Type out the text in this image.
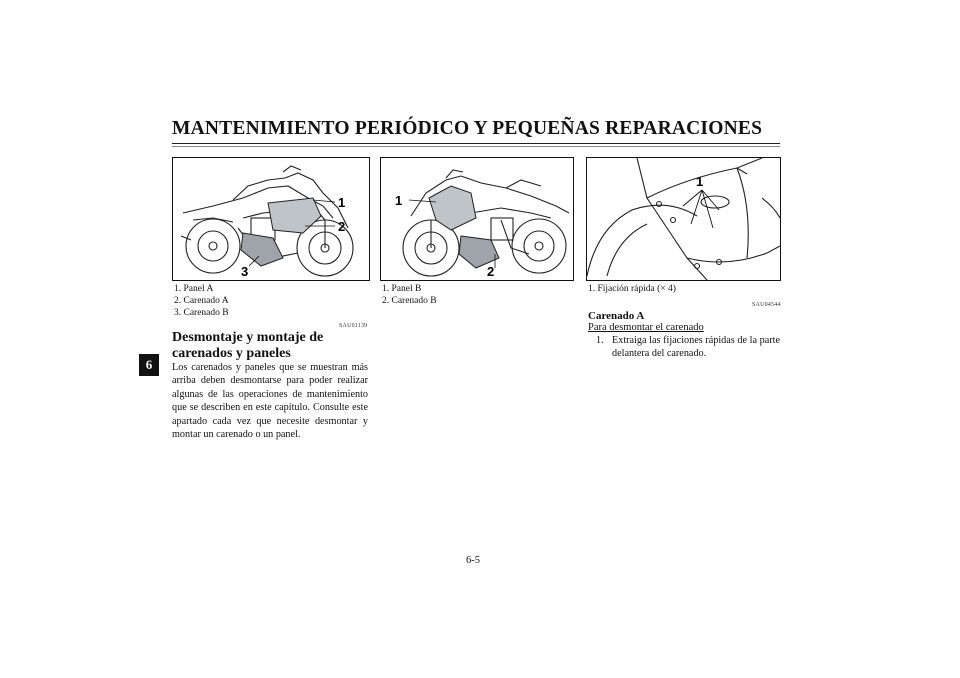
MANTENIMIENTO PERIÓDICO Y PEQUEÑAS REPARACIONES
6
1
2
3
1
2
1
1. Panel A
2. Carenado A
3. Carenado B
1. Panel B
2. Carenado B
1. Fijación rápida (× 4)
SAU01139
Desmontaje y montaje de carenados y paneles
Los carenados y paneles que se muestran más arriba deben desmontarse para poder realizar algunas de las operaciones de mantenimiento que se describen en este capítulo. Consulte este apartado cada vez que necesite desmontar y montar un carenado o un panel.
SAU04544
Carenado A
Para desmontar el carenado
1. Extraiga las fijaciones rápidas de la parte delantera del carenado.
6-5
